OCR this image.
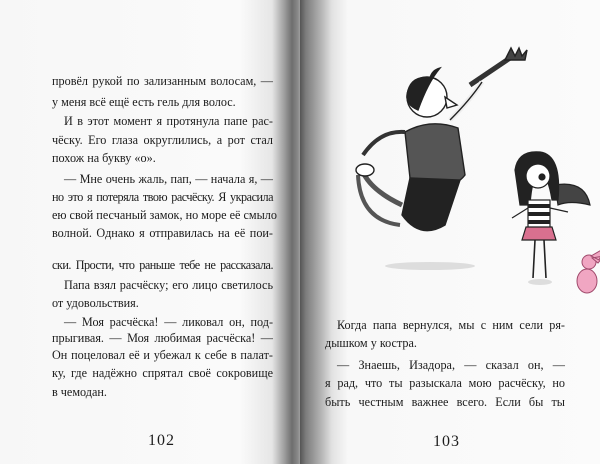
провёл рукой по зализанным волосам, —
у меня всё ещё есть гель для волос.
И в этот момент я протянула папе рас-
чёску. Его глаза округлились, а рот стал
похож на букву «о».
— Мне очень жаль, пап, — начала я, —
но это я потеряла твою расчёску. Я украсила
ею свой песчаный замок, но море её смыло
волной. Однако я отправилась на её пои-
ски. Прости, что раньше тебе не рассказала.
Папа взял расчёску; его лицо светилось
от удовольствия.
— Моя расчёска! — ликовал он, под-
прыгивая. — Моя любимая расчёска! —
Он поцеловал её и убежал к себе в палат-
ку, где надёжно спрятал своё сокровище
в чемодан.
102
Когда папа вернулся, мы с ним сели ря-
дышком у костра.
— Знаешь, Изадора, — сказал он, —
я рад, что ты разыскала мою расчёску, но
быть честным важнее всего. Если бы ты
103
